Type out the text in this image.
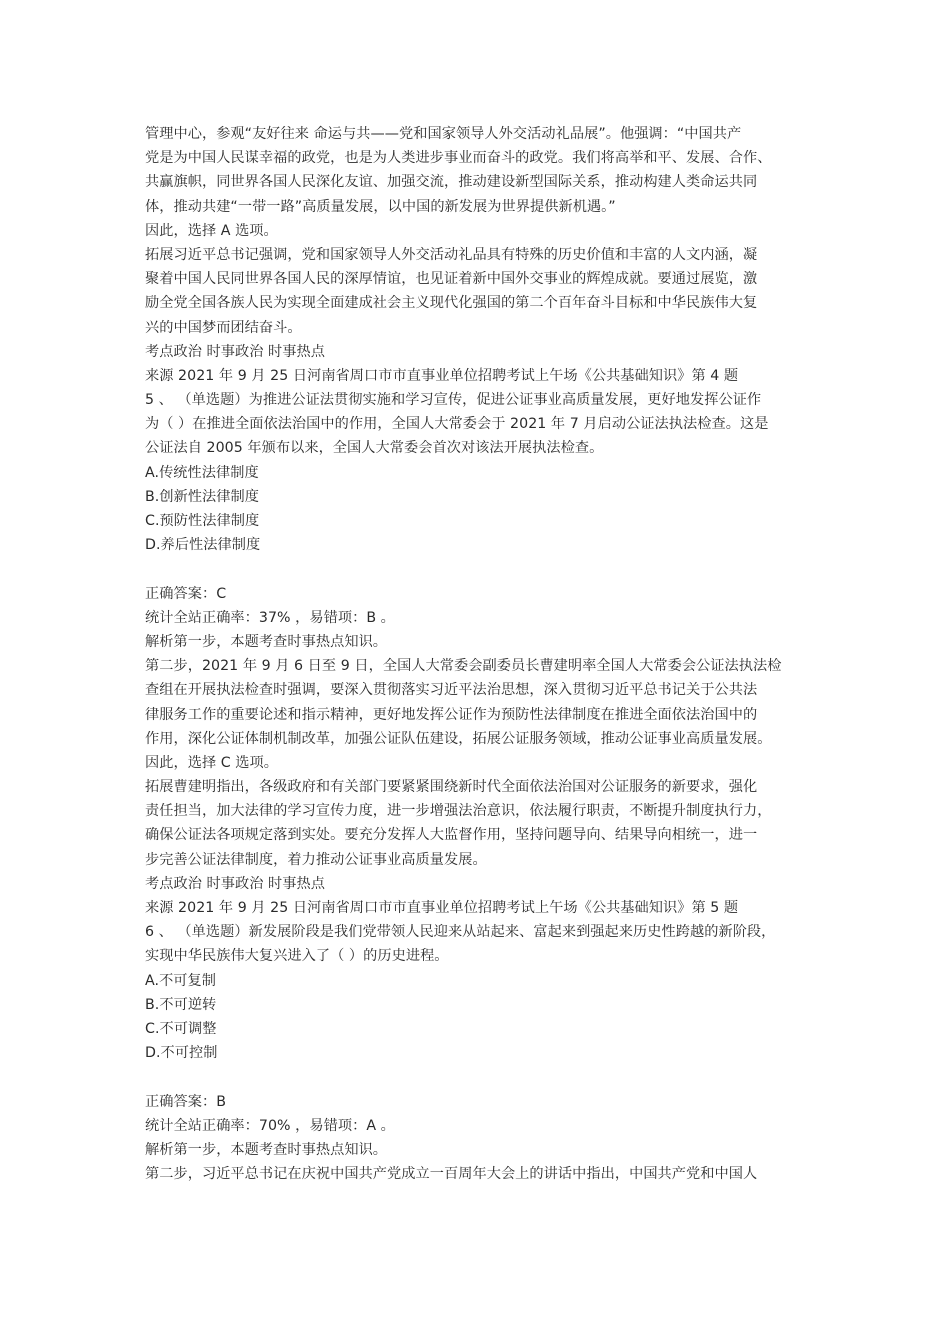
管理中心，参观“友好往来 命运与共——党和国家领导人外交活动礼品展”。他强调：“中国共产
党是为中国人民谋幸福的政党，也是为人类进步事业而奋斗的政党。我们将高举和平、发展、合作、
共赢旗帜，同世界各国人民深化友谊、加强交流，推动建设新型国际关系，推动构建人类命运共同
体，推动共建“一带一路”高质量发展，以中国的新发展为世界提供新机遇。”
因此，选择 A 选项。
拓展习近平总书记强调，党和国家领导人外交活动礼品具有特殊的历史价值和丰富的人文内涵，凝
聚着中国人民同世界各国人民的深厚情谊，也见证着新中国外交事业的辉煌成就。要通过展览，激
励全党全国各族人民为实现全面建成社会主义现代化强国的第二个百年奋斗目标和中华民族伟大复
兴的中国梦而团结奋斗。
考点政治 时事政治 时事热点
来源 2021 年 9 月 25 日河南省周口市市直事业单位招聘考试上午场《公共基础知识》第 4 题
5 、 （单选题）为推进公证法贯彻实施和学习宣传，促进公证事业高质量发展，更好地发挥公证作
为（ ）在推进全面依法治国中的作用，全国人大常委会于 2021 年 7 月启动公证法执法检查。这是
公证法自 2005 年颁布以来，全国人大常委会首次对该法开展执法检查。
A.传统性法律制度
B.创新性法律制度
C.预防性法律制度
D.养后性法律制度
正确答案：C
统计全站正确率：37% ，易错项：B 。
解析第一步，本题考查时事热点知识。
第二步，2021 年 9 月 6 日至 9 日，全国人大常委会副委员长曹建明率全国人大常委会公证法执法检
查组在开展执法检查时强调，要深入贯彻落实习近平法治思想，深入贯彻习近平总书记关于公共法
律服务工作的重要论述和指示精神，更好地发挥公证作为预防性法律制度在推进全面依法治国中的
作用，深化公证体制机制改革，加强公证队伍建设，拓展公证服务领域，推动公证事业高质量发展。
因此，选择 C 选项。
拓展曹建明指出，各级政府和有关部门要紧紧围绕新时代全面依法治国对公证服务的新要求，强化
责任担当，加大法律的学习宣传力度，进一步增强法治意识，依法履行职责，不断提升制度执行力，
确保公证法各项规定落到实处。要充分发挥人大监督作用，坚持问题导向、结果导向相统一，进一
步完善公证法律制度，着力推动公证事业高质量发展。
考点政治 时事政治 时事热点
来源 2021 年 9 月 25 日河南省周口市市直事业单位招聘考试上午场《公共基础知识》第 5 题
6 、 （单选题）新发展阶段是我们党带领人民迎来从站起来、富起来到强起来历史性跨越的新阶段，
实现中华民族伟大复兴进入了（ ）的历史进程。
A.不可复制
B.不可逆转
C.不可调整
D.不可控制
正确答案：B
统计全站正确率：70% ，易错项：A 。
解析第一步，本题考查时事热点知识。
第二步，习近平总书记在庆祝中国共产党成立一百周年大会上的讲话中指出，中国共产党和中国人
